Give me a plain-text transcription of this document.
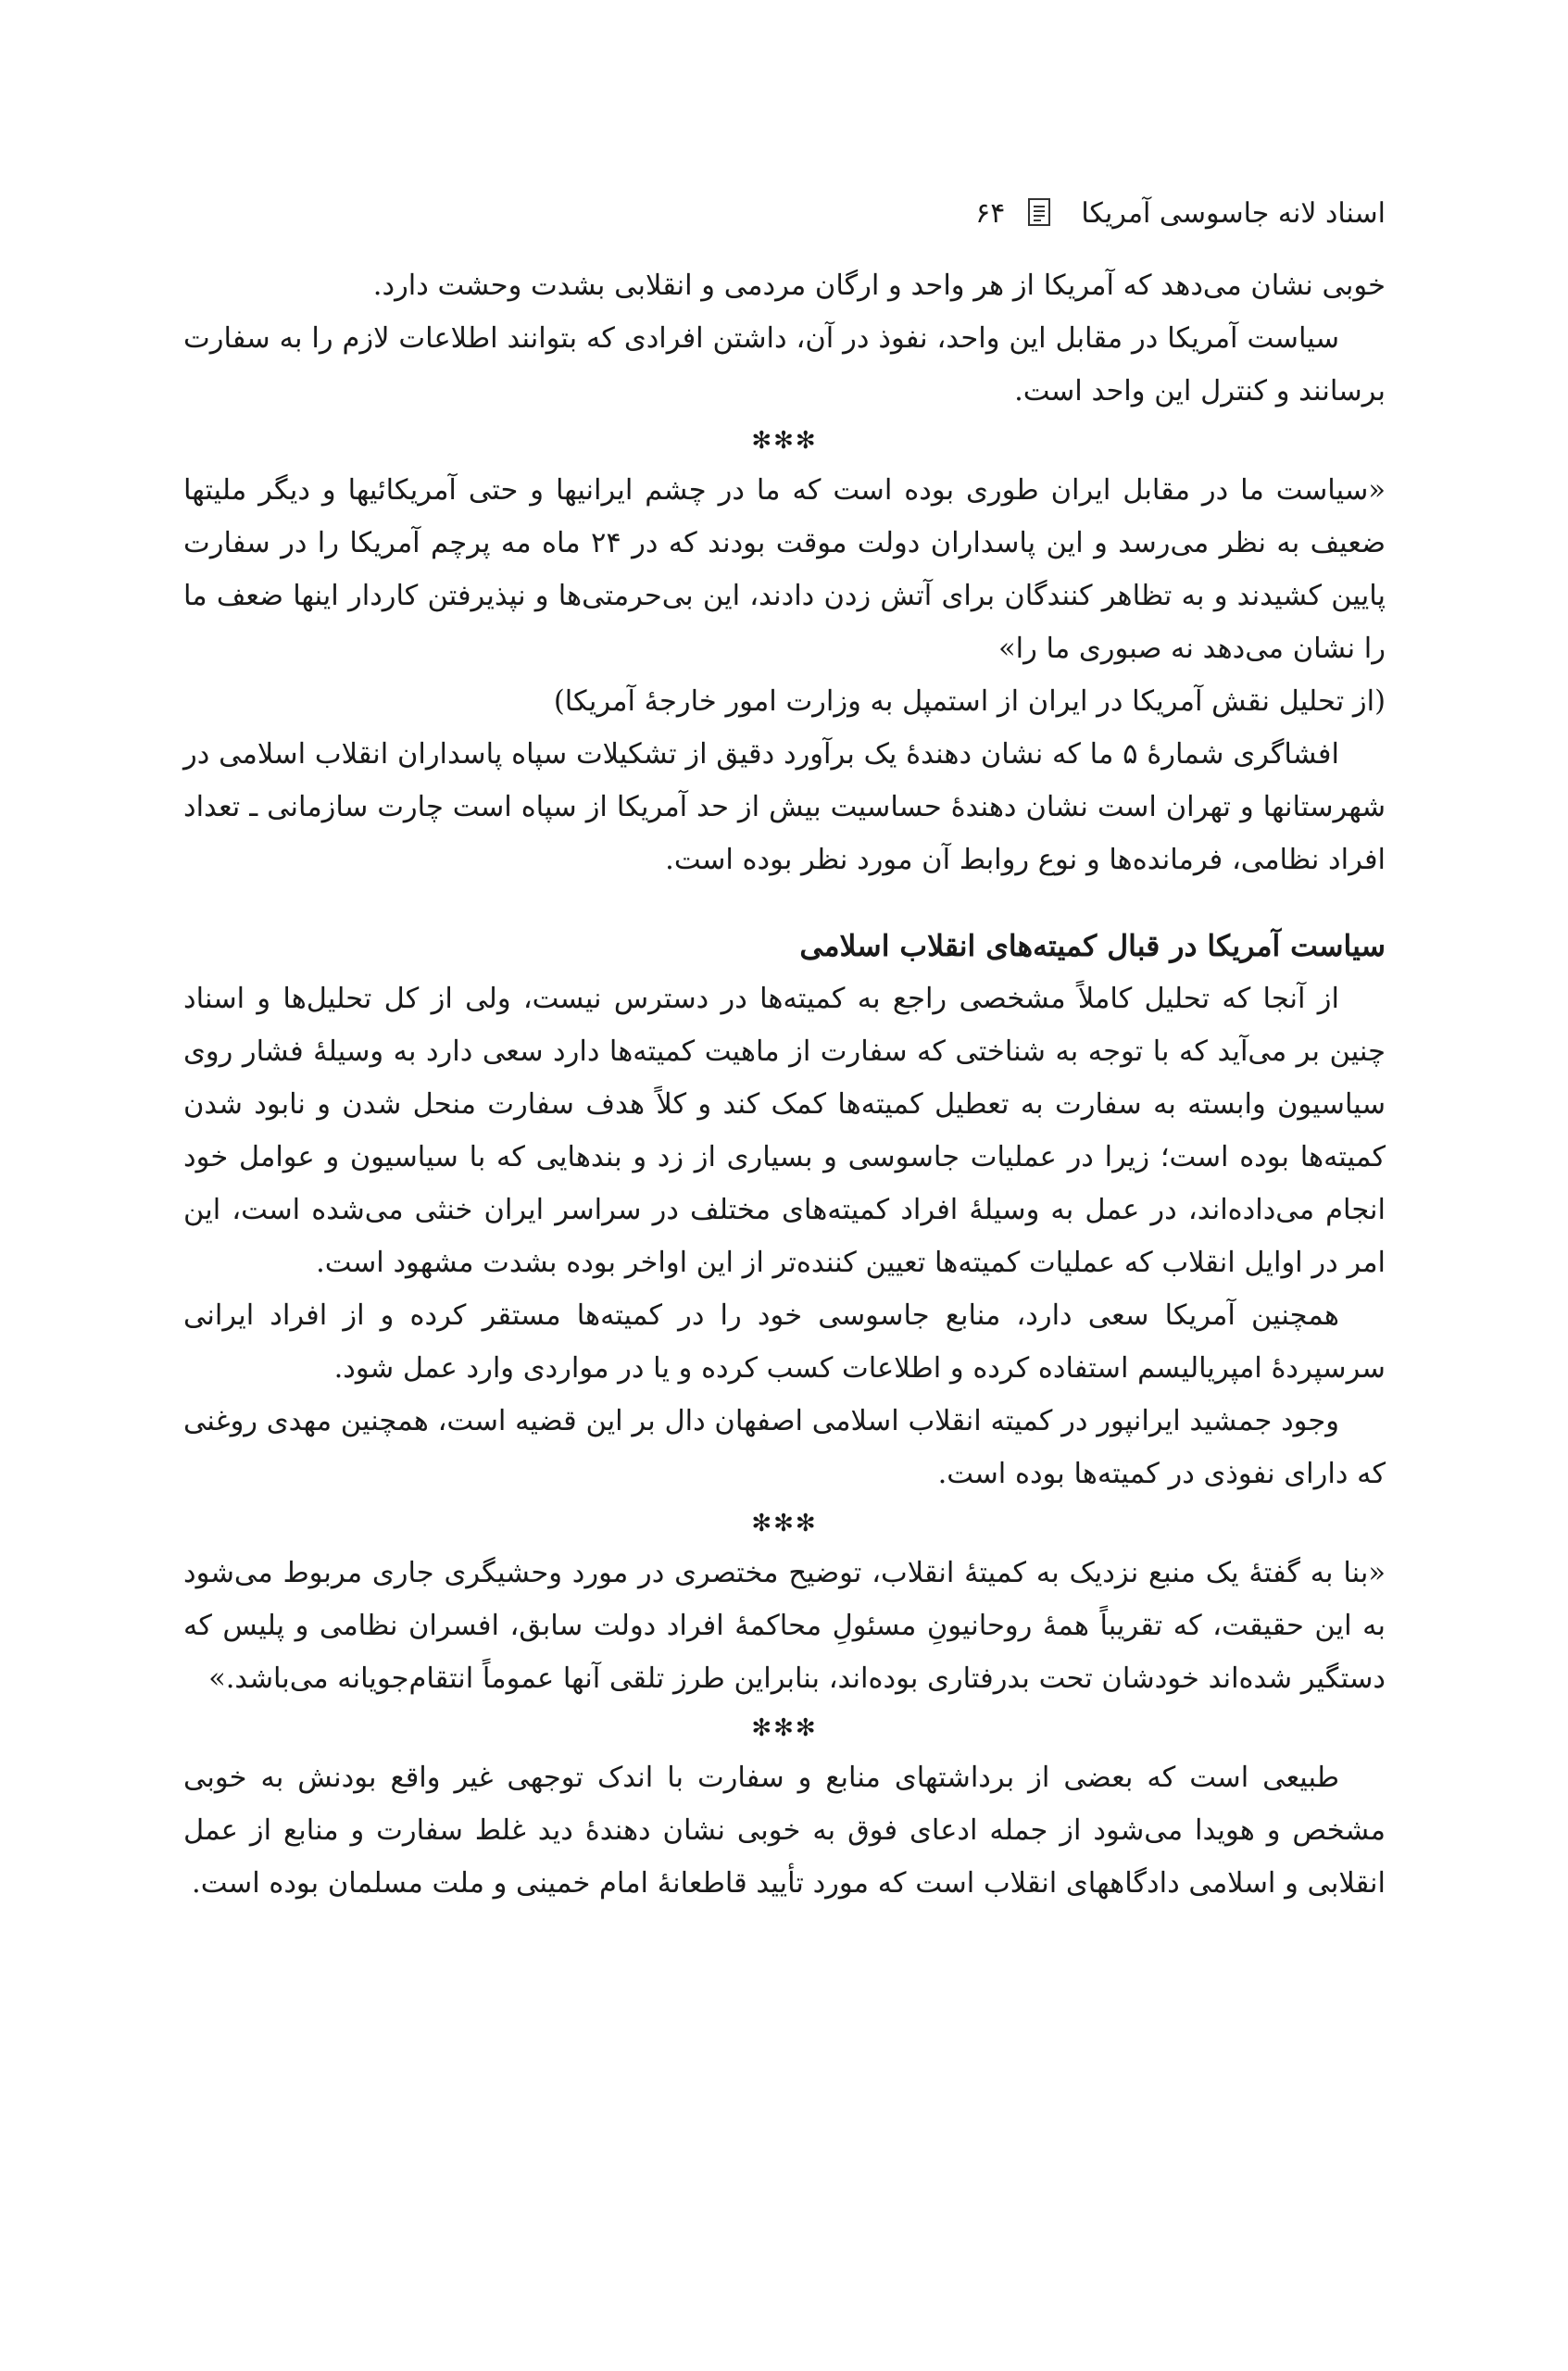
اسناد لانه جاسوسی آمریکا
۶۴

خوبی نشان می‌دهد که آمریکا از هر واحد و ارگان مردمی و انقلابی بشدت وحشت دارد.

سیاست آمریکا در مقابل این واحد، نفوذ در آن، داشتن افرادی که بتوانند اطلاعات لازم را به سفارت برسانند و کنترل این واحد است.

✻✻✻

«سیاست ما در مقابل ایران طوری بوده است که ما در چشم ایرانیها و حتی آمریکائیها و دیگر ملیتها ضعیف به نظر می‌رسد و این پاسداران دولت موقت بودند که در ۲۴ ماه مه پرچم آمریکا را در سفارت پایین کشیدند و به تظاهر کنندگان برای آتش زدن دادند، این بی‌حرمتی‌ها و نپذیرفتن کاردار اینها ضعف ما را نشان می‌دهد نه صبوری ما را»

(از تحلیل نقش آمریکا در ایران از استمپل به وزارت امور خارجهٔ آمریکا)

افشاگری شمارهٔ ۵ ما که نشان دهندهٔ یک برآورد دقیق از تشکیلات سپاه پاسداران انقلاب اسلامی در شهرستانها و تهران است نشان دهندهٔ حساسیت بیش از حد آمریکا از سپاه است چارت سازمانی ـ تعداد افراد نظامی، فرمانده‌ها و نوع روابط آن مورد نظر بوده است.

سیاست آمریکا در قبال کمیته‌های انقلاب اسلامی

از آنجا که تحلیل کاملاً مشخصی راجع به کمیته‌ها در دسترس نیست، ولی از کل تحلیل‌ها و اسناد چنین بر می‌آید که با توجه به شناختی که سفارت از ماهیت کمیته‌ها دارد سعی دارد به وسیلهٔ فشار روی سیاسیون وابسته به سفارت به تعطیل کمیته‌ها کمک کند و کلاً هدف سفارت منحل شدن و نابود شدن کمیته‌ها بوده است؛ زیرا در عملیات جاسوسی و بسیاری از زد و بندهایی که با سیاسیون و عوامل خود انجام می‌داده‌اند، در عمل به وسیلهٔ افراد کمیته‌های مختلف در سراسر ایران خنثی می‌شده است، این امر در اوایل انقلاب که عملیات کمیته‌ها تعیین کننده‌تر از این اواخر بوده بشدت مشهود است.

همچنین آمریکا سعی دارد، منابع جاسوسی خود را در کمیته‌ها مستقر کرده و از افراد ایرانی سرسپردهٔ امپریالیسم استفاده کرده و اطلاعات کسب کرده و یا در مواردی وارد عمل شود.

وجود جمشید ایرانپور در کمیته انقلاب اسلامی اصفهان دال بر این قضیه است، همچنین مهدی روغنی که دارای نفوذی در کمیته‌ها بوده است.

✻✻✻

«بنا به گفتهٔ یک منبع نزدیک به کمیتهٔ انقلاب، توضیح مختصری در مورد وحشیگری جاری مربوط می‌شود به این حقیقت، که تقریباً همهٔ روحانیونِ مسئولِ محاکمهٔ افراد دولت سابق، افسران نظامی و پلیس که دستگیر شده‌اند خودشان تحت بدرفتاری بوده‌اند، بنابراین طرز تلقی آنها عموماً انتقام‌جویانه می‌باشد.»

✻✻✻

طبیعی است که بعضی از برداشتهای منابع و سفارت با اندک توجهی غیر واقع بودنش به خوبی مشخص و هویدا می‌شود از جمله ادعای فوق به خوبی نشان دهندهٔ دید غلط سفارت و منابع از عمل انقلابی و اسلامی دادگاههای انقلاب است که مورد تأیید قاطعانهٔ امام خمینی و ملت مسلمان بوده است.
